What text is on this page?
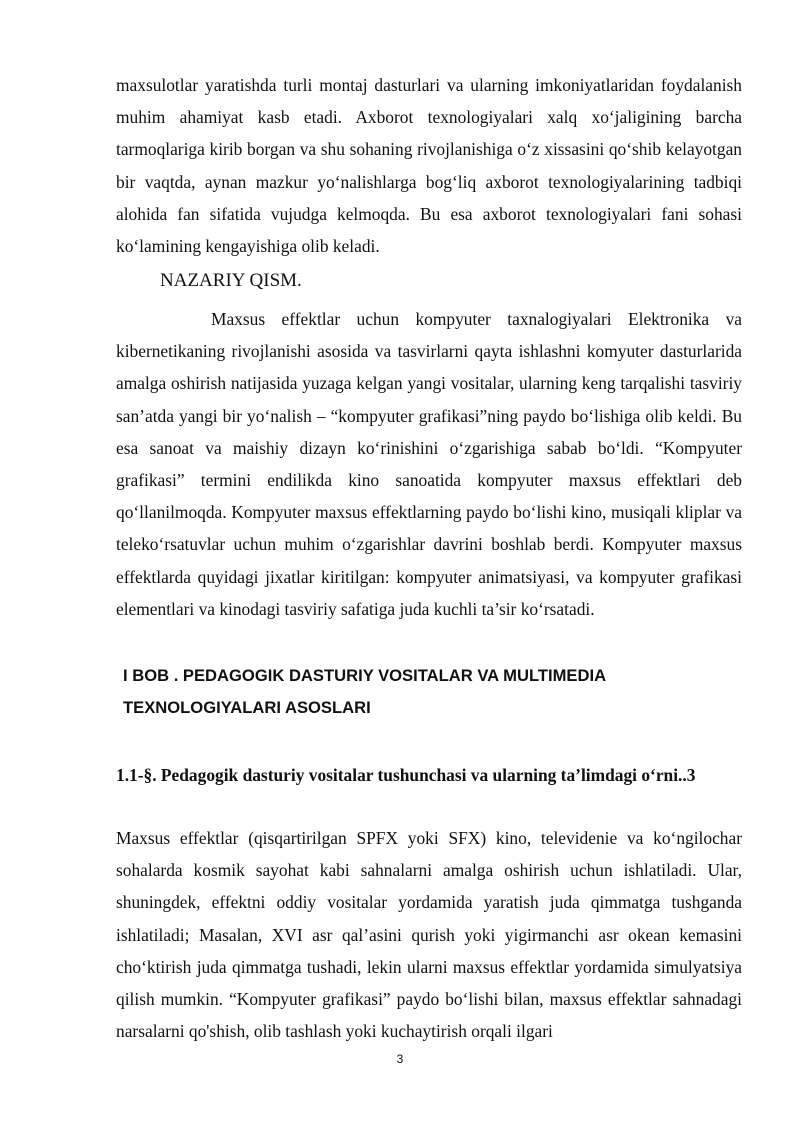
maxsulotlar yaratishda turli montaj dasturlari va ularning imkoniyatlaridan foydalanish muhim ahamiyat kasb etadi. Axborot texnologiyalari xalq xo‘jaligining barcha tarmoqlariga kirib borgan va shu sohaning rivojlanishiga o‘z xissasini qo‘shib kelayotgan bir vaqtda, aynan mazkur yo‘nalishlarga bog‘liq axborot texnologiyalarining tadbiqi alohida fan sifatida vujudga kelmoqda. Bu esa axborot texnologiyalari fani sohasi ko‘lamining kengayishiga olib keladi.

NAZARIY QISM.

Maxsus effektlar uchun kompyuter taxnalogiyalari Elektronika va kibernetikaning rivojlanishi asosida va tasvirlarni qayta ishlashni komyuter dasturlarida amalga oshirish natijasida yuzaga kelgan yangi vositalar, ularning keng tarqalishi tasviriy san’atda yangi bir yo‘nalish – “kompyuter grafikasi”ning paydo bo‘lishiga olib keldi. Bu esa sanoat va maishiy dizayn ko‘rinishini o‘zgarishiga sabab bo‘ldi. “Kompyuter grafikasi” termini endilikda kino sanoatida kompyuter maxsus effektlari deb qo‘llanilmoqda. Kompyuter maxsus effektlarning paydo bo‘lishi kino, musiqali kliplar va teleko‘rsatuvlar uchun muhim o‘zgarishlar davrini boshlab berdi. Kompyuter maxsus effektlarda quyidagi jixatlar kiritilgan: kompyuter animatsiyasi, va kompyuter grafikasi elementlari va kinodagi tasviriy safatiga juda kuchli ta’sir ko‘rsatadi.

I BOB . PEDAGOGIK DASTURIY VOSITALAR VA MULTIMEDIA
TEXNOLOGIYALARI ASOSLARI

1.1-§. Pedagogik dasturiy vositalar tushunchasi va ularning ta’limdagi o‘rni..3

Maxsus effektlar (qisqartirilgan SPFX yoki SFX) kino, televidenie va ko‘ngilochar sohalarda kosmik sayohat kabi sahnalarni amalga oshirish uchun ishlatiladi. Ular, shuningdek, effektni oddiy vositalar yordamida yaratish juda qimmatga tushganda ishlatiladi; Masalan, XVI asr qal’asini qurish yoki yigirmanchi asr okean kemasini cho‘ktirish juda qimmatga tushadi, lekin ularni maxsus effektlar yordamida simulyatsiya qilish mumkin. “Kompyuter grafikasi” paydo bo‘lishi bilan, maxsus effektlar sahnadagi narsalarni qo'shish, olib tashlash yoki kuchaytirish orqali ilgari

3
